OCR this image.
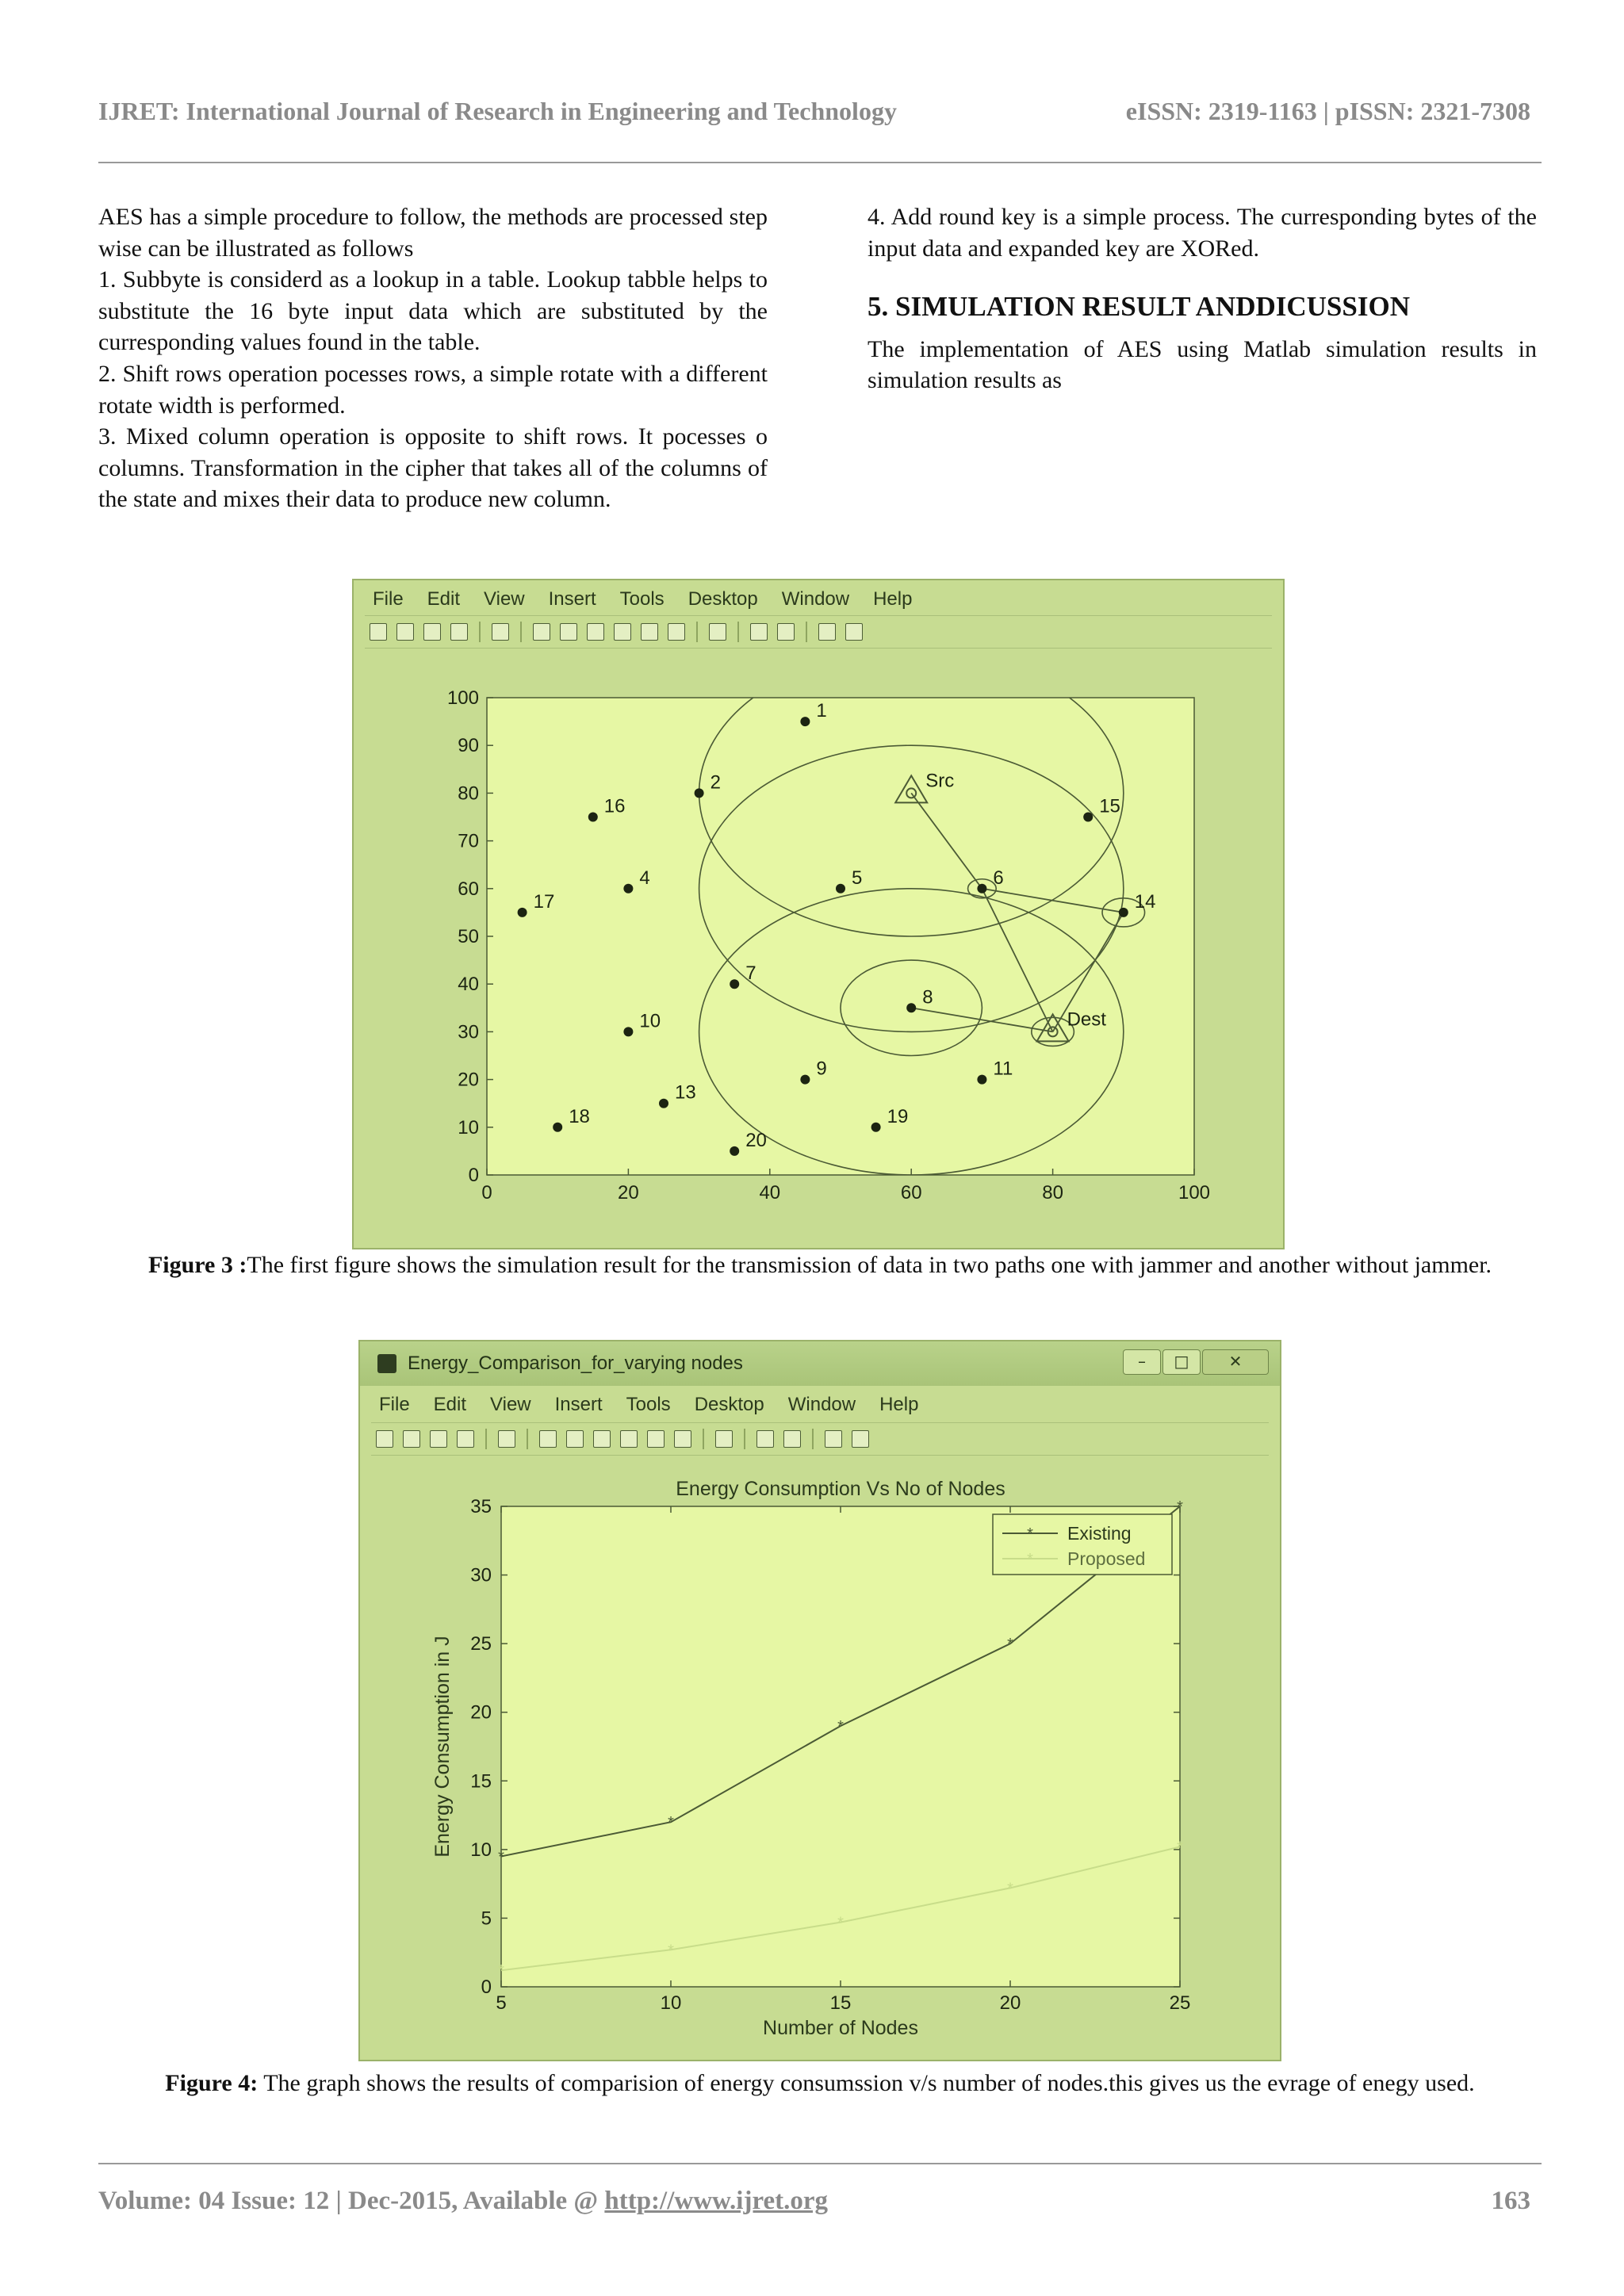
IJRET: International Journal of Research in Engineering and Technology	eISSN: 2319-1163 | pISSN: 2321-7308

AES has a simple procedure to follow, the methods are processed step wise can be illustrated as follows

1. Subbyte is considerd as a lookup in a table. Lookup tabble helps to substitute the 16 byte input data which are substituted by the curresponding values found in the table.

2. Shift rows operation pocesses rows, a simple rotate with a different rotate width is performed.

3. Mixed column operation is opposite to shift rows. It pocesses o columns. Transformation in the cipher that takes all of the columns of the state and mixes their data to produce new column.

4. Add round key is a simple process. The curresponding bytes of the input data and expanded key are XORed.

5. SIMULATION RESULT ANDDICUSSION

The implementation of AES using Matlab simulation results in simulation results as

File Edit View Insert Tools Desktop Window Help
1
2
4	5	6
7
8
9
10
11
13
14
15
16
17
18	19
20
Src
Dest
0	20	40	60	80	100
0
10
20
30
40
50
60
70
80
90
100
Figure 3 :The first figure shows the simulation result for the transmission of data in two paths one with jammer and another without jammer.
Energy_Comparison_for_varying nodes	–	□	✕
File Edit View Insert Tools Desktop Window Help
Energy Consumption Vs No of Nodes
Number of Nodes
Energy Consumption in J
5	10	15	20	25
0
5
10
15
20
25
30
35
*
*
*
*
*
*
*
*
*
*
* Existing
* Proposed
Figure 4: The graph shows the results of comparision of energy consumssion v/s number of nodes.this gives us the evrage of enegy used.
Volume: 04 Issue: 12 | Dec-2015, Available @ http://www.ijret.org	163
